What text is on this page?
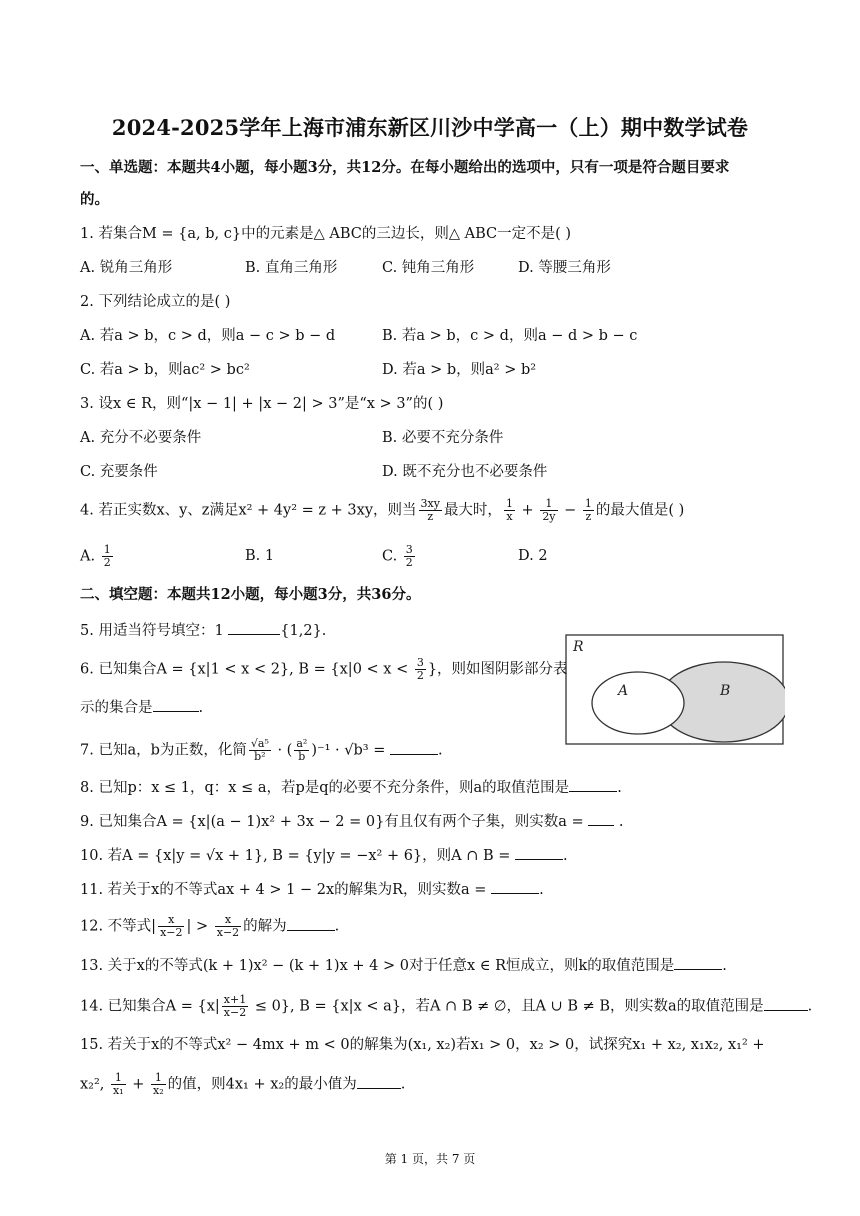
2024-2025学年上海市浦东新区川沙中学高一（上）期中数学试卷
一、单选题：本题共4小题，每小题3分，共12分。在每小题给出的选项中，只有一项是符合题目要求
的。
1. 若集合M = {a, b, c}中的元素是△ ABC的三边长，则△ ABC一定不是( )
A. 锐角三角形	B. 直角三角形	C. 钝角三角形	D. 等腰三角形
2. 下列结论成立的是( )
A. 若a > b，c > d，则a − c > b − d	B. 若a > b，c > d，则a − d > b − c
C. 若a > b，则ac² > bc²	D. 若a > b，则a² > b²
3. 设x ∈ R，则“|x − 1| + |x − 2| > 3”是“x > 3”的( )
A. 充分不必要条件	B. 必要不充分条件
C. 充要条件	D. 既不充分也不必要条件
4. 若正实数x、y、z满足x² + 4y² = z + 3xy，则当 $\frac{3xy}{z}$ 最大时， $\frac{1}{x} + \frac{1}{2y} - \frac{1}{z}$ 的最大值是( )
A. $\frac{1}{2}$	B. 1	C. $\frac{3}{2}$	D. 2
二、填空题：本题共12小题，每小题3分，共36分。
5. 用适当符号填空：1	{1,2}.
6. 已知集合A = {x|1 < x < 2}, $B = \{x|0 < x < \frac{3}{2}$ }，则如图阴影部分表
示的集合是	.
R
A	B
7. 已知a，b为正数，化简 $\frac{\text{√a⁵}}{\text{b²}}$ · ( $\frac{\text{a²}}{b} )^{-1} \cdot √b^3$ =	.
8. 已知p：x ≤ 1，q：x ≤ a，若p是q的必要不充分条件，则a的取值范围是	.
9. 已知集合A = {x|(a − 1)x² + 3x − 2 = 0}有且仅有两个子集，则实数a =  .
10. 若A = {x|y = √x + 1}, B = {y|y = −x² + 6}，则A ∩ B =	.
11. 若关于x的不等式ax + 4 > 1 − 2x的解集为R，则实数a =	.
12. 不等式| $\frac{x}{x-2}$ | > $\frac{x}{x-2}$ 的解为	.
13. 关于x的不等式(k + 1)x² − (k + 1)x + 4 > 0对于任意x ∈ R恒成立，则k的取值范围是	.
14. 已知集合$A = \{x| \frac{x+1}{x-2} \le 0\}$, B = {x|x < a}，若A ∩ B ≠ ∅，且A ∪ B ≠ B，则实数a的取值范围是	.
15. 若关于x的不等式x² − 4mx + m < 0的解集为(x₁, x₂)若x₁ > 0，x₂ > 0，试探究x₁ + x₂, x₁x₂, x₁² +
x₂², $\frac{1}{\text{x₁}} + \frac{1}{\text{x₂}}$ 的值，则4x₁ + x₂的最小值为	.
第 1 页，共 7 页
